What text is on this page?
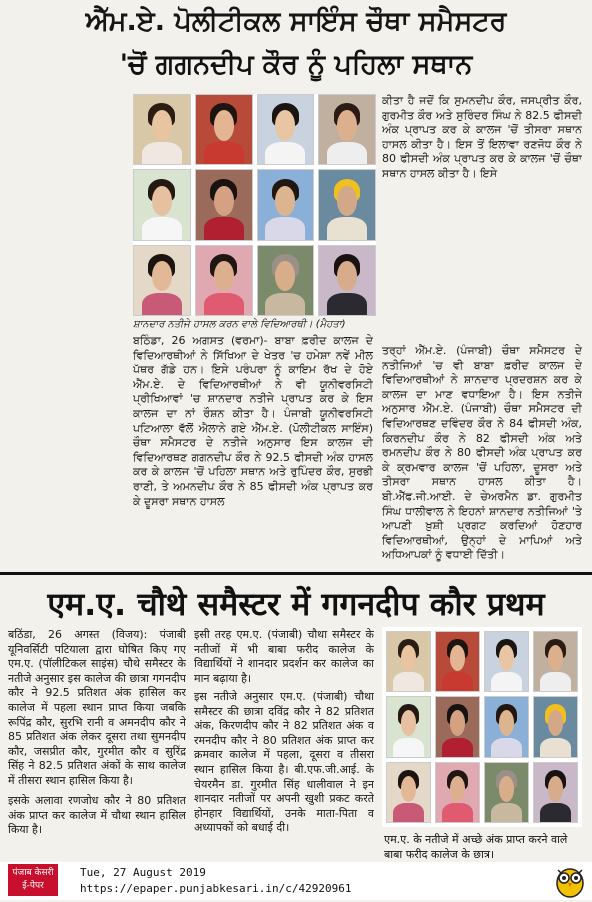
ਐੱਮ.ਏ. ਪੋਲੀਟੀਕਲ ਸਾਇੰਸ ਚੌਥਾ ਸਮੈਸਟਰ
'ਚੋਂ ਗਗਨਦੀਪ ਕੌਰ ਨੂੰ ਪਹਿਲਾ ਸਥਾਨ
ਸ਼ਾਨਦਾਰ ਨਤੀਜੇ ਹਾਸਲ ਕਰਨ ਵਾਲੇ ਵਿਦਿਆਰਥੀ। (ਮੈਹਤਾ)
ਕੀਤਾ ਹੈ ਜਦੋਂ ਕਿ ਸੁਮਨਦੀਪ ਕੌਰ, ਜਸਪ੍ਰੀਤ ਕੌਰ, ਗੁਰਮੀਤ ਕੌਰ ਅਤੇ ਸੁਰਿੰਦਰ ਸਿੰਘ ਨੇ 82.5 ਫੀਸਦੀ ਅੰਕ ਪ੍ਰਾਪਤ ਕਰ ਕੇ ਕਾਲਜ 'ਚੋਂ ਤੀਸਰਾ ਸਥਾਨ ਹਾਸਲ ਕੀਤਾ ਹੈ। ਇਸ ਤੋਂ ਇਲਾਵਾ ਰਣਜੋਧ ਕੌਰ ਨੇ 80 ਫੀਸਦੀ ਅੰਕ ਪ੍ਰਾਪਤ ਕਰ ਕੇ ਕਾਲਜ 'ਚੋਂ ਚੌਥਾ ਸਥਾਨ ਹਾਸਲ ਕੀਤਾ ਹੈ। ਇਸੇ
ਬਠਿੰਡਾ, 26 ਅਗਸਤ (ਵਰਮਾ)- ਬਾਬਾ ਫ਼ਰੀਦ ਕਾਲਜ ਦੇ ਵਿਦਿਆਰਥੀਆਂ ਨੇ ਸਿੱਖਿਆ ਦੇ ਖੇਤਰ 'ਚ ਹਮੇਸ਼ਾ ਨਵੇਂ ਮੀਲ ਪੱਥਰ ਗੱਡੇ ਹਨ। ਇਸੇ ਪਰੰਪਰਾ ਨੂੰ ਕਾਇਮ ਰੱਖ ਦੇ ਹੋਏ ਐੱਮ.ਏ. ਦੇ ਵਿਦਿਆਰਥੀਆਂ ਨੇ ਵੀ ਯੂਨੀਵਰਸਿਟੀ ਪ੍ਰੀਖਿਆਵਾਂ 'ਚ ਸ਼ਾਨਦਾਰ ਨਤੀਜੇ ਪ੍ਰਾਪਤ ਕਰ ਕੇ ਇਸ ਕਾਲਜ ਦਾ ਨਾਂ ਰੌਸ਼ਨ ਕੀਤਾ ਹੈ। ਪੰਜਾਬੀ ਯੂਨੀਵਰਸਿਟੀ ਪਟਿਆਲਾ ਵੱਲੋਂ ਐਲਾਨੇ ਗਏ ਐੱਮ.ਏ. (ਪੋਲੀਟੀਕਲ ਸਾਇੰਸ) ਚੌਥਾ ਸਮੈਸਟਰ ਦੇ ਨਤੀਜੇ ਅਨੁਸਾਰ ਇਸ ਕਾਲਜ ਦੀ ਵਿਦਿਆਰਥਣ ਗਗਨਦੀਪ ਕੌਰ ਨੇ 92.5 ਫੀਸਦੀ ਅੰਕ ਹਾਸਲ ਕਰ ਕੇ ਕਾਲਜ 'ਚੋਂ ਪਹਿਲਾ ਸਥਾਨ ਅਤੇ ਰੁਪਿੰਦਰ ਕੌਰ, ਸੁਰਭੀ ਰਾਣੀ, ਤੇ ਅਮਨਦੀਪ ਕੌਰ ਨੇ 85 ਫੀਸਦੀ ਅੰਕ ਪ੍ਰਾਪਤ ਕਰ ਕੇ ਦੂਸਰਾ ਸਥਾਨ ਹਾਸਲ
ਤਰ੍ਹਾਂ ਐੱਮ.ਏ. (ਪੰਜਾਬੀ) ਚੌਥਾ ਸਮੈਸਟਰ ਦੇ ਨਤੀਜਿਆਂ 'ਚ ਵੀ ਬਾਬਾ ਫ਼ਰੀਦ ਕਾਲਜ ਦੇ ਵਿਦਿਆਰਥੀਆਂ ਨੇ ਸ਼ਾਨਦਾਰ ਪ੍ਰਦਰਸ਼ਨ ਕਰ ਕੇ ਕਾਲਜ ਦਾ ਮਾਣ ਵਧਾਇਆ ਹੈ। ਇਸ ਨਤੀਜੇ ਅਨੁਸਾਰ ਐੱਮ.ਏ. (ਪੰਜਾਬੀ) ਚੌਥਾ ਸਮੈਸਟਰ ਦੀ ਵਿਦਿਆਰਥਣ ਦਵਿੰਦਰ ਕੌਰ ਨੇ 84 ਫੀਸਦੀ ਅੰਕ, ਕਿਰਨਦੀਪ ਕੌਰ ਨੇ 82 ਫੀਸਦੀ ਅੰਕ ਅਤੇ ਰਮਨਦੀਪ ਕੌਰ ਨੇ 80 ਫੀਸਦੀ ਅੰਕ ਪ੍ਰਾਪਤ ਕਰ ਕੇ ਕ੍ਰਮਵਾਰ ਕਾਲਜ 'ਚੋਂ ਪਹਿਲਾ, ਦੂਸਰਾ ਅਤੇ ਤੀਸਰਾ ਸਥਾਨ ਹਾਸਲ ਕੀਤਾ ਹੈ। ਬੀ.ਐੱਫ.ਜੀ.ਆਈ. ਦੇ ਚੇਅਰਮੈਨ ਡਾ. ਗੁਰਮੀਤ ਸਿੰਘ ਧਾਲੀਵਾਲ ਨੇ ਇਹਨਾਂ ਸ਼ਾਨਦਾਰ ਨਤੀਜਿਆਂ 'ਤੇ ਆਪਣੀ ਖ਼ੁਸ਼ੀ ਪ੍ਰਗਟ ਕਰਦਿਆਂ ਹੋਣਹਾਰ ਵਿਦਿਆਰਥੀਆਂ, ਉਨ੍ਹਾਂ ਦੇ ਮਾਪਿਆਂ ਅਤੇ ਅਧਿਆਪਕਾਂ ਨੂੰ ਵਧਾਈ ਦਿੱਤੀ।
एम.ए. चौथे समैस्टर में गगनदीप कौर प्रथम
बठिंडा, 26 अगस्त (विजय): पंजाबी यूनिवर्सिटी पटियाला द्वारा घोषित किए गए एम.ए. (पॉलीटिकल साइंस) चौथे समैस्टर के नतीजे अनुसार इस कालेज की छात्रा गगनदीप कौर ने 92.5 प्रतिशत अंक हासिल कर कालेज में पहला स्थान प्राप्त किया जबकि रूपिंद्र कौर, सुरभि रानी व अमनदीप कौर ने 85 प्रतिशत अंक लेकर दूसरा तथा सुमनदीप कौर, जसप्रीत कौर, गुरमीत कौर व सुरिंद्र सिंह ने 82.5 प्रतिशत अंकों के साथ कालेज में तीसरा स्थान हासिल किया है।
इसके अलावा रणजोध कौर ने 80 प्रतिशत अंक प्राप्त कर कालेज में चौथा स्थान हासिल किया है।
इसी तरह एम.ए. (पंजाबी) चौथा समैस्टर के नतीजों में भी बाबा फरीद कालेज के विद्यार्थियों ने शानदार प्रदर्शन कर कालेज का मान बढ़ाया है।
इस नतीजे अनुसार एम.ए. (पंजाबी) चौथा समैस्टर की छात्रा दविंद्र कौर ने 82 प्रतिशत अंक, किरणदीप कौर ने 82 प्रतिशत अंक व रमनदीप कौर ने 80 प्रतिशत अंक प्राप्त कर क्रमवार कालेज में पहला, दूसरा व तीसरा स्थान हासिल किया है। बी.एफ.जी.आई. के चेयरमैन डा. गुरमीत सिंह धालीवाल ने इन शानदार नतीजों पर अपनी खुशी प्रकट करते होनहार विद्यार्थियों, उनके माता-पिता व अध्यापकों को बधाई दी।
एम.ए. के नतीजे में अच्छे अंक प्राप्त करने वाले बाबा फरीद कालेज के छात्र।
पंजाब केसरी
ई-पेपर
Tue, 27 August 2019
https://epaper.punjabkesari.in/c/42920961
